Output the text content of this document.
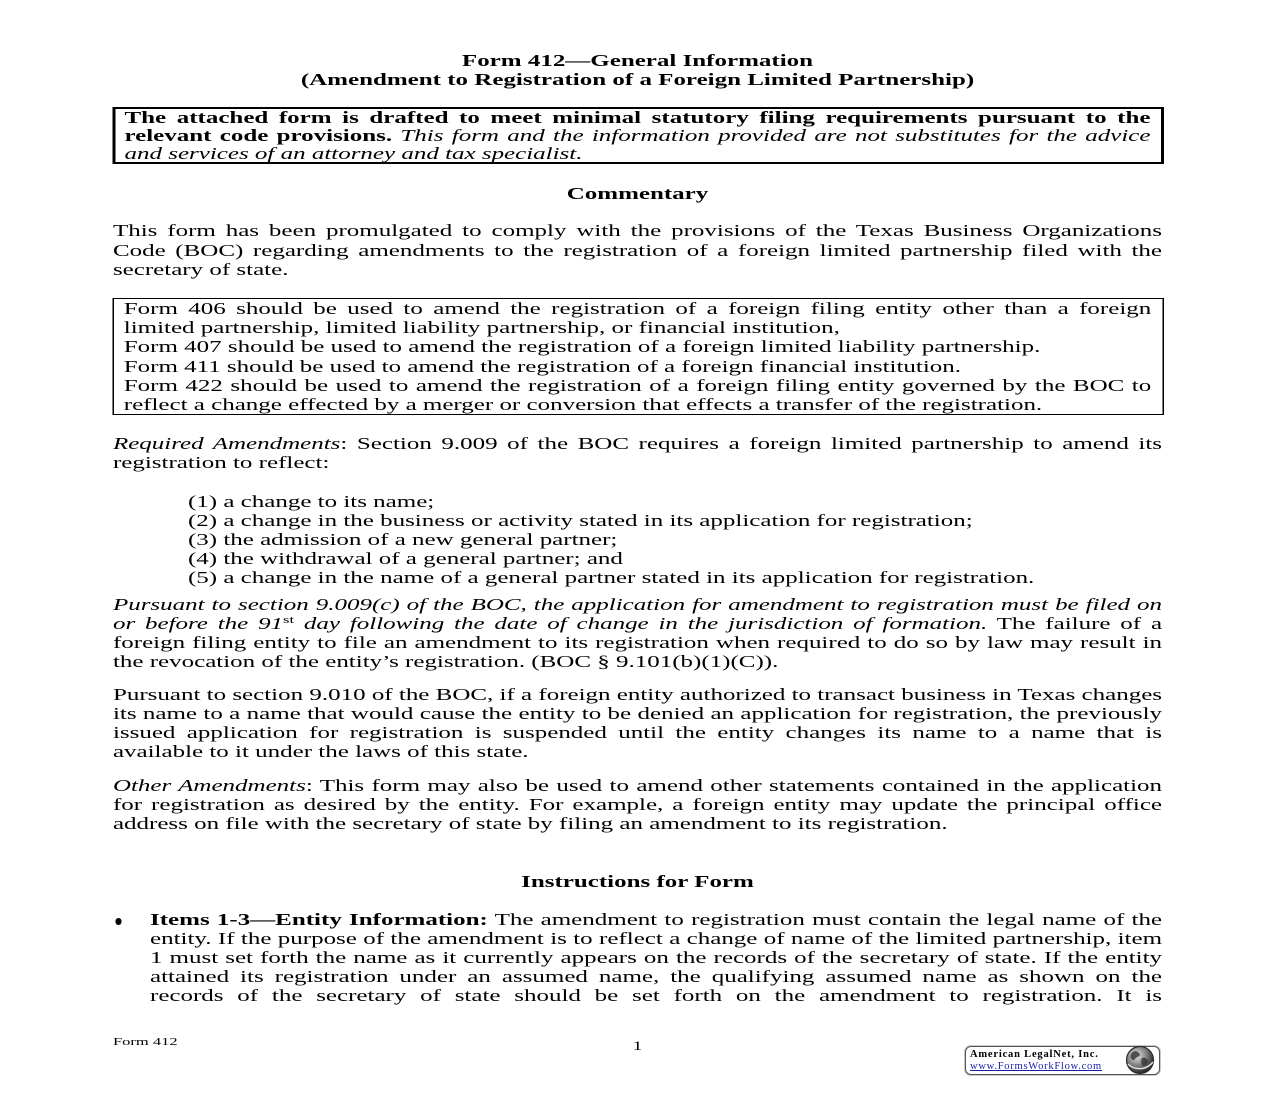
Form 412—General Information
(Amendment to Registration of a Foreign Limited Partnership)
The attached form is drafted to meet minimal statutory filing requirements pursuant to the relevant code provisions. This form and the information provided are not substitutes for the advice and services of an attorney and tax specialist.
Commentary
This form has been promulgated to comply with the provisions of the Texas Business Organizations Code (BOC) regarding amendments to the registration of a foreign limited partnership filed with the secretary of state.
Form 406 should be used to amend the registration of a foreign filing entity other than a foreign limited partnership, limited liability partnership, or financial institution,
Form 407 should be used to amend the registration of a foreign limited liability partnership.
Form 411 should be used to amend the registration of a foreign financial institution.
Form 422 should be used to amend the registration of a foreign filing entity governed by the BOC to reflect a change effected by a merger or conversion that effects a transfer of the registration.
Required Amendments: Section 9.009 of the BOC requires a foreign limited partnership to amend its registration to reflect:
(1) a change to its name;
(2) a change in the business or activity stated in its application for registration;
(3) the admission of a new general partner;
(4) the withdrawal of a general partner; and
(5) a change in the name of a general partner stated in its application for registration.
Pursuant to section 9.009(c) of the BOC, the application for amendment to registration must be filed on or before the 91st day following the date of change in the jurisdiction of formation. The failure of a foreign filing entity to file an amendment to its registration when required to do so by law may result in the revocation of the entity’s registration. (BOC § 9.101(b)(1)(C)).
Pursuant to section 9.010 of the BOC, if a foreign entity authorized to transact business in Texas changes its name to a name that would cause the entity to be denied an application for registration, the previously issued application for registration is suspended until the entity changes its name to a name that is available to it under the laws of this state.
Other Amendments: This form may also be used to amend other statements contained in the application for registration as desired by the entity. For example, a foreign entity may update the principal office address on file with the secretary of state by filing an amendment to its registration.
Instructions for Form
Items 1-3—Entity Information: The amendment to registration must contain the legal name of the entity. If the purpose of the amendment is to reflect a change of name of the limited partnership, item 1 must set forth the name as it currently appears on the records of the secretary of state. If the entity attained its registration under an assumed name, the qualifying assumed name as shown on the records of the secretary of state should be set forth on the amendment to registration. It is
Form 412	1
American LegalNet, Inc.
www.FormsWorkFlow.com
